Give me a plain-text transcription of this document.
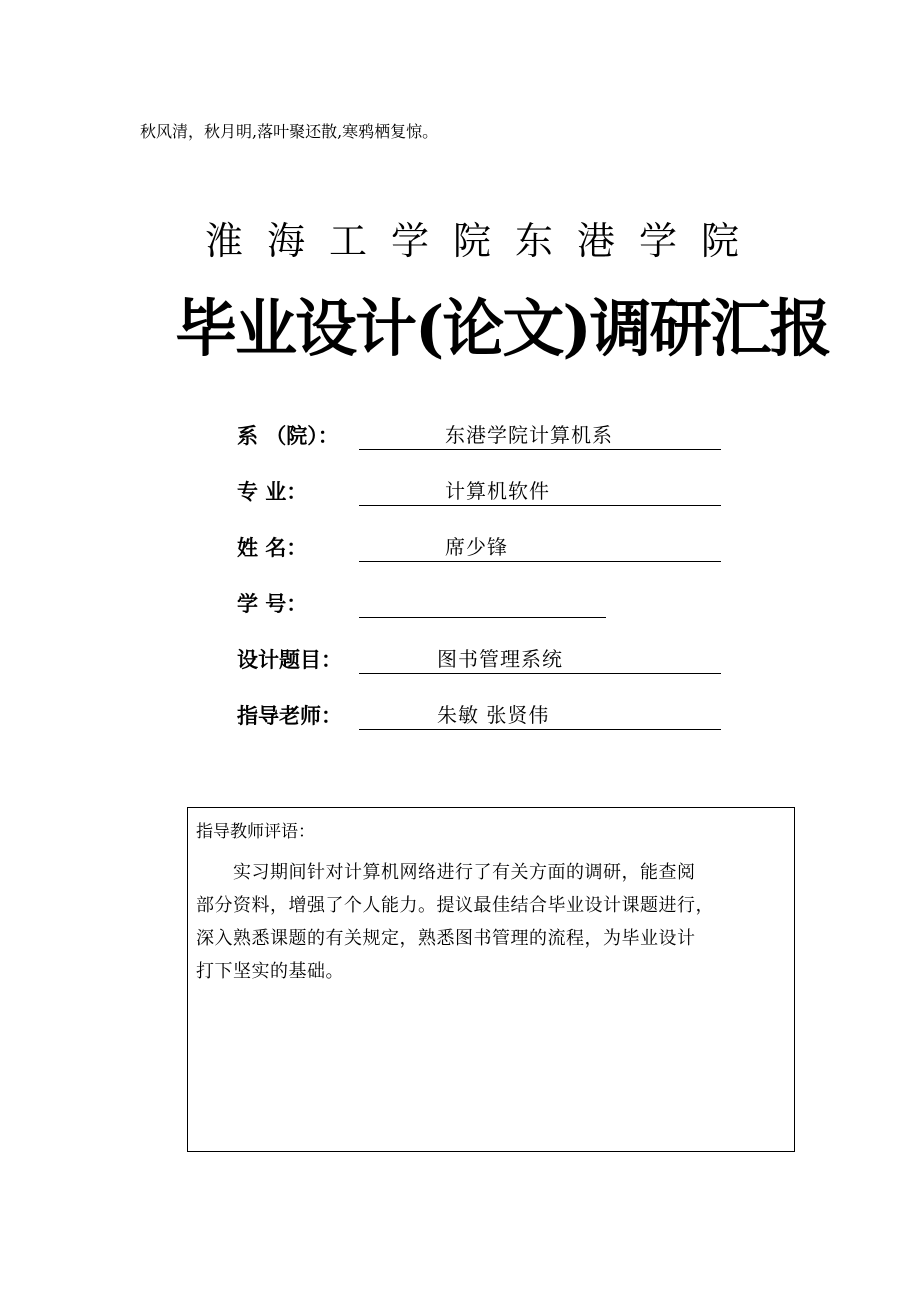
秋风清，秋月明,落叶聚还散,寒鸦栖复惊。
淮海工学院东港学院
毕业设计(论文)调研汇报
系 （院）：	东港学院计算机系
专 业：	计算机软件
姓 名：	席少锋
学 号：
设计题目：	图书管理系统
指导老师：	朱敏 张贤伟
指导教师评语：
　　实习期间针对计算机网络进行了有关方面的调研，能查阅
部分资料，增强了个人能力。提议最佳结合毕业设计课题进行，
深入熟悉课题的有关规定，熟悉图书管理的流程，为毕业设计
打下坚实的基础。
